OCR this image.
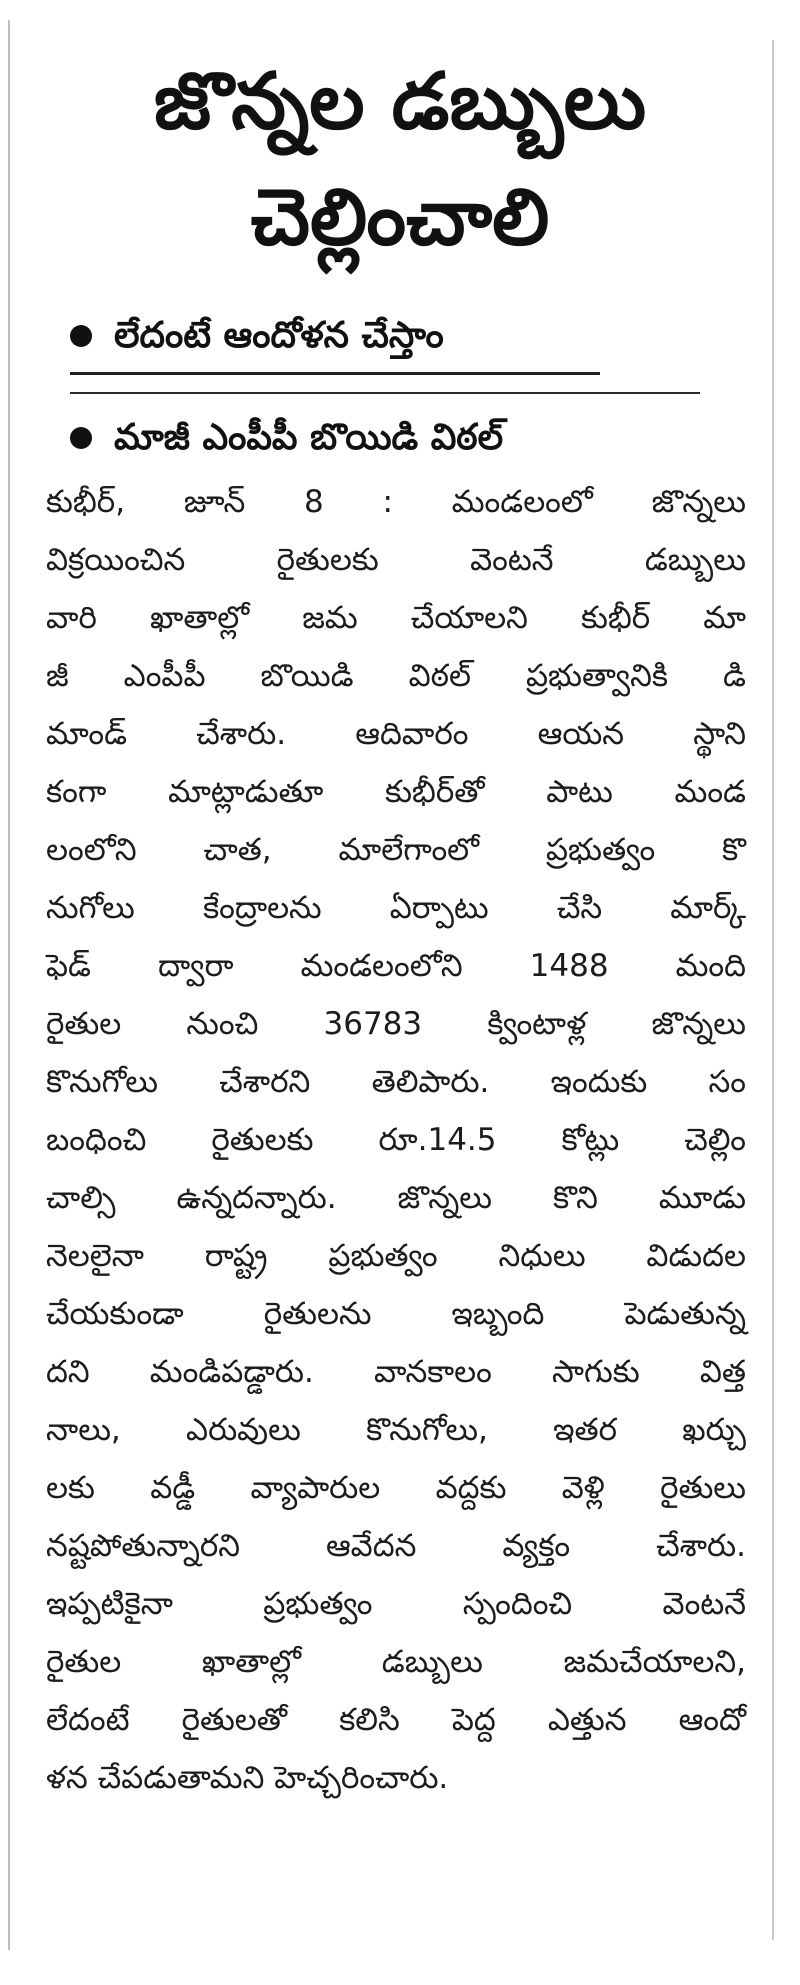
జొన్నల డబ్బులు
చెల్లించాలి
లేదంటే ఆందోళన చేస్తాం
మాజీ ఎంపీపీ బొయిడి విఠల్
కుభీర్, జూన్ 8 : మండలంలో జొన్నలు
విక్రయించిన రైతులకు వెంటనే డబ్బులు
వారి ఖాతాల్లో జమ చేయాలని కుభీర్ మా
జీ ఎంపీపీ బొయిడి విఠల్ ప్రభుత్వానికి డి
మాండ్ చేశారు. ఆదివారం ఆయన స్థాని
కంగా మాట్లాడుతూ కుభీర్‌తో పాటు మండ
లంలోని చాత, మాలేగాంలో ప్రభుత్వం కొ
నుగోలు కేంద్రాలను ఏర్పాటు చేసి మార్క్
ఫెడ్ ద్వారా మండలంలోని 1488 మంది
రైతుల నుంచి 36783 క్వింటాళ్ల జొన్నలు
కొనుగోలు చేశారని తెలిపారు. ఇందుకు సం
బంధించి రైతులకు రూ.14.5 కోట్లు చెల్లిం
చాల్సి ఉన్నదన్నారు. జొన్నలు కొని మూడు
నెలలైనా రాష్ట్ర ప్రభుత్వం నిధులు విడుదల
చేయకుండా రైతులను ఇబ్బంది పెడుతున్న
దని మండిపడ్డారు. వానకాలం సాగుకు విత్త
నాలు, ఎరువులు కొనుగోలు, ఇతర ఖర్చు
లకు వడ్డీ వ్యాపారుల వద్దకు వెళ్లి రైతులు
నష్టపోతున్నారని ఆవేదన వ్యక్తం చేశారు.
ఇప్పటికైనా ప్రభుత్వం స్పందించి వెంటనే
రైతుల ఖాతాల్లో డబ్బులు జమచేయాలని,
లేదంటే రైతులతో కలిసి పెద్ద ఎత్తున ఆందో
ళన చేపడుతామని హెచ్చరించారు.
